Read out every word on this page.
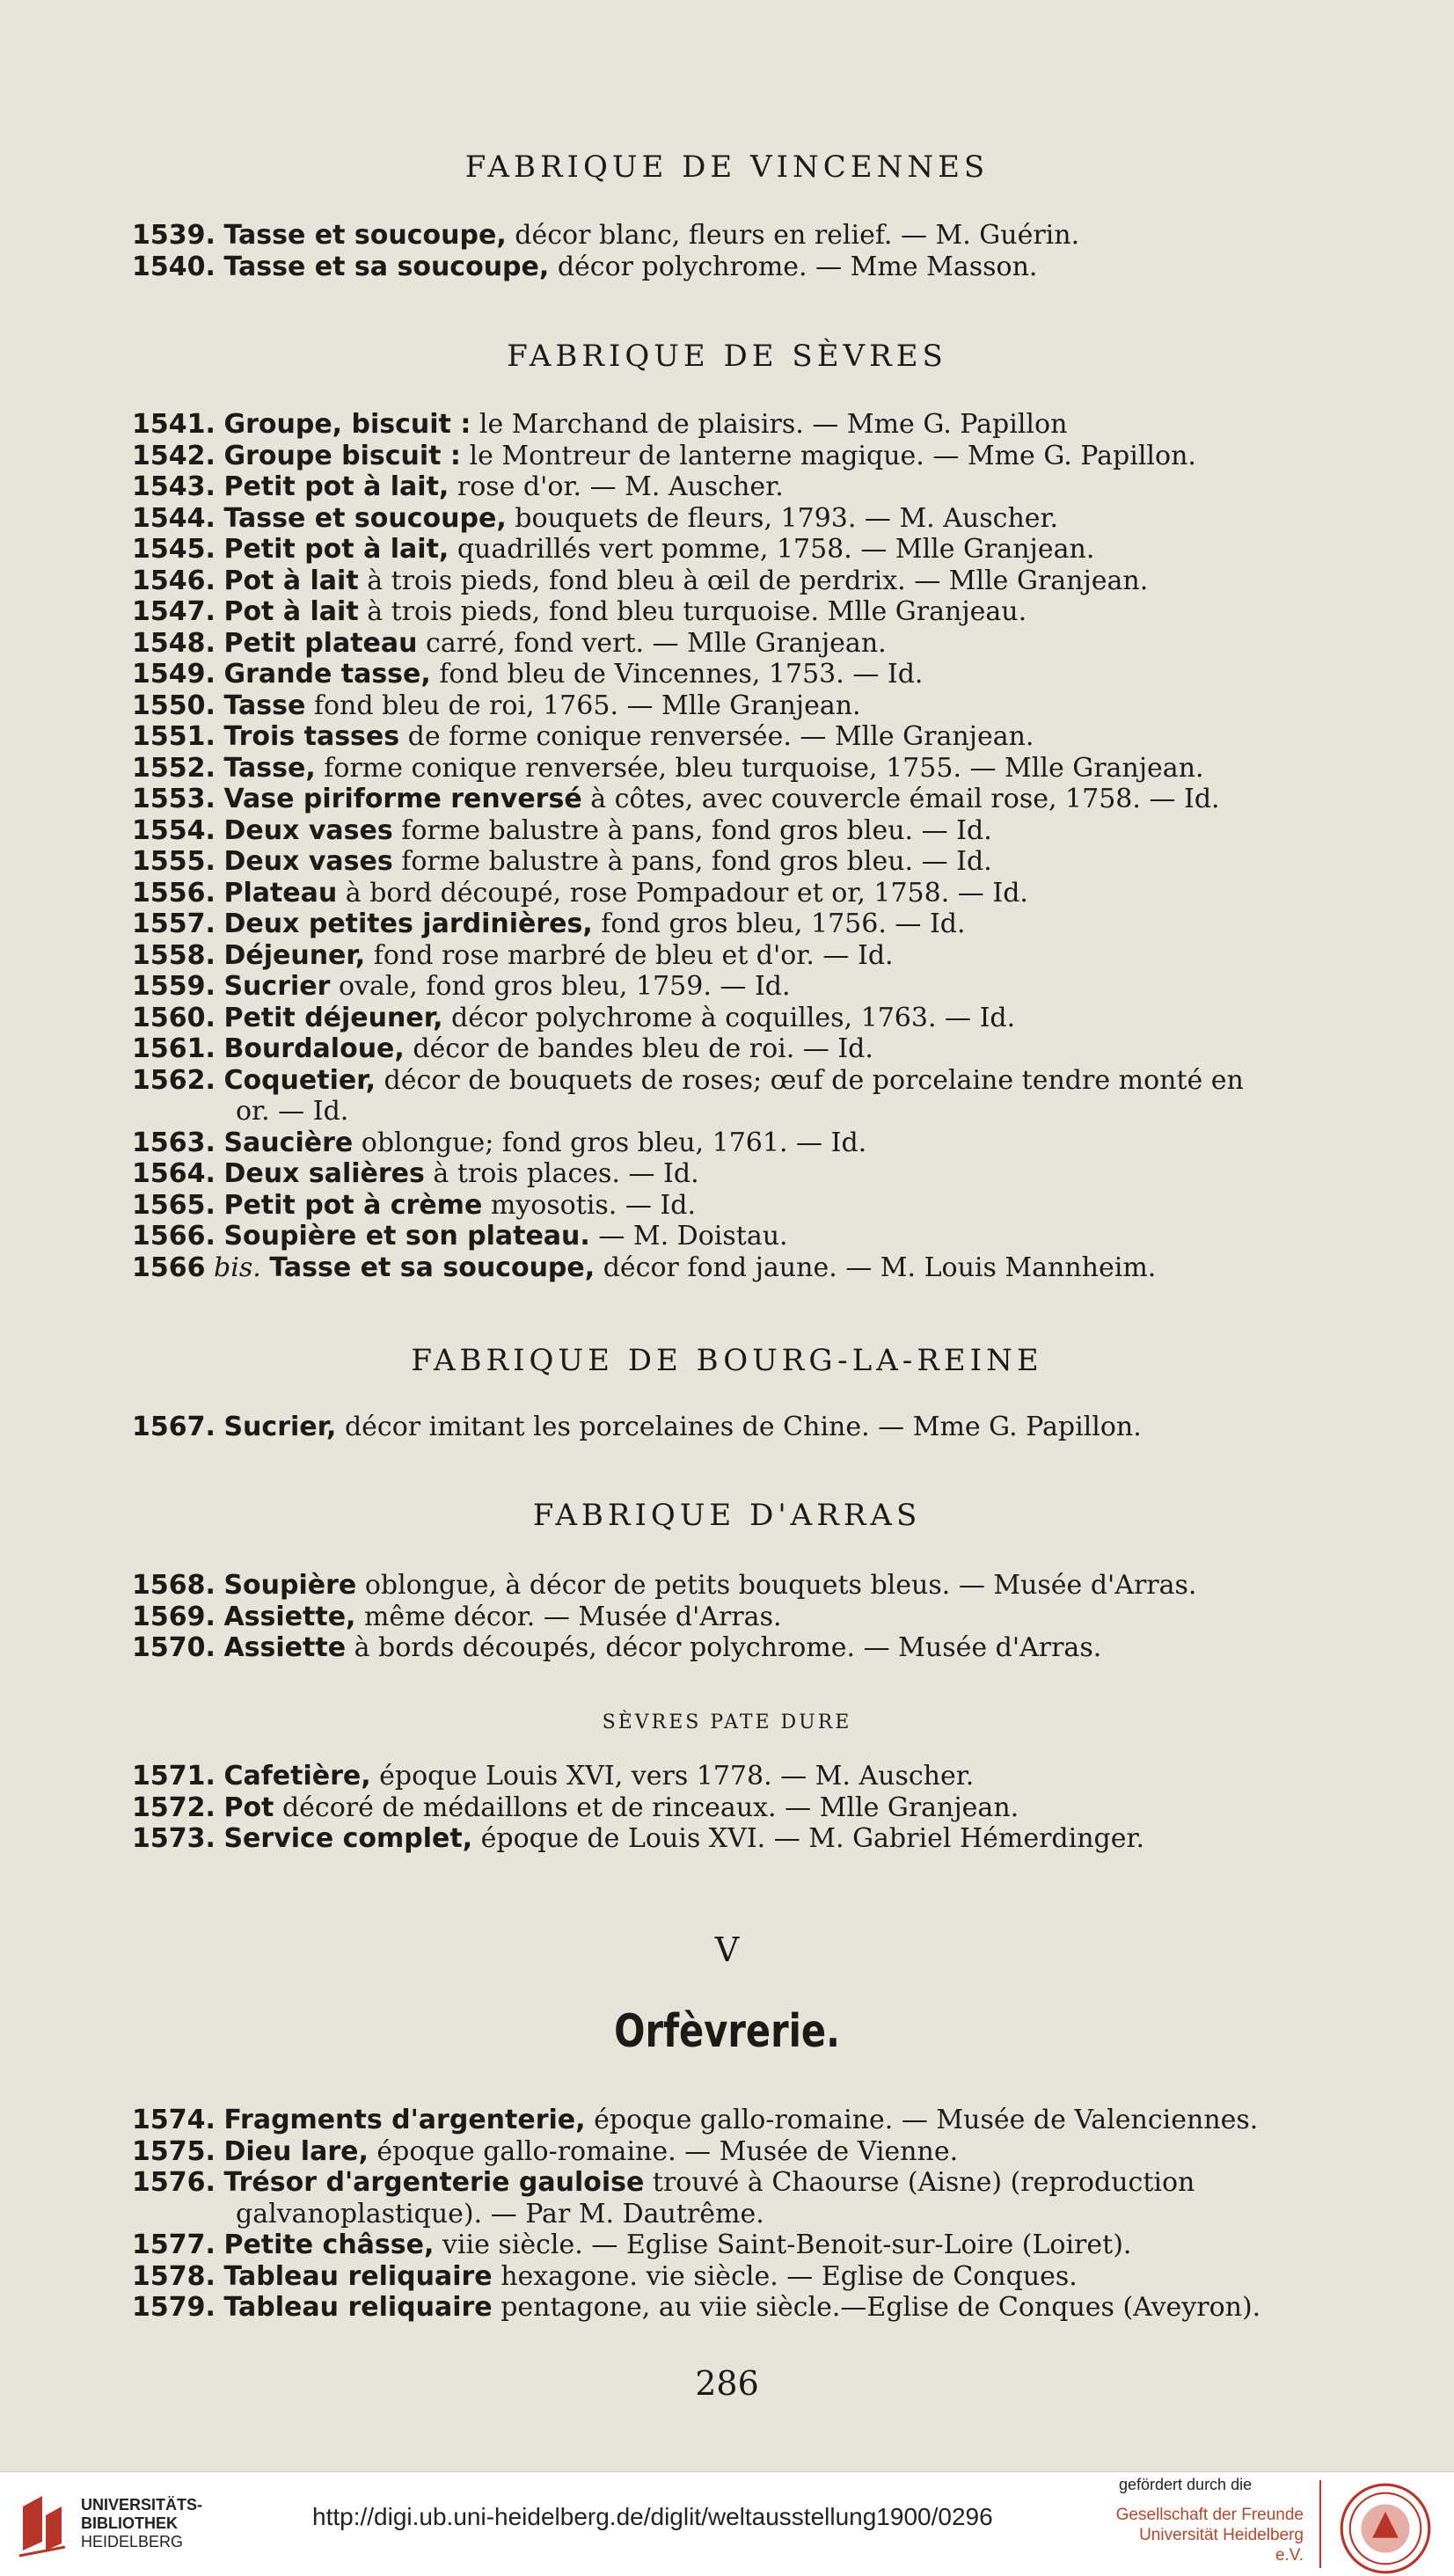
FABRIQUE DE VINCENNES
1539. Tasse et soucoupe, décor blanc, fleurs en relief. — M. Guérin.
1540. Tasse et sa soucoupe, décor polychrome. — Mme Masson.
FABRIQUE DE SÈVRES
1541. Groupe, biscuit : le Marchand de plaisirs. — Mme G. Papillon
1542. Groupe biscuit : le Montreur de lanterne magique. — Mme G. Papillon.
1543. Petit pot à lait, rose d'or. — M. Auscher.
1544. Tasse et soucoupe, bouquets de fleurs, 1793. — M. Auscher.
1545. Petit pot à lait, quadrillés vert pomme, 1758. — Mlle Granjean.
1546. Pot à lait à trois pieds, fond bleu à œil de perdrix. — Mlle Granjean.
1547. Pot à lait à trois pieds, fond bleu turquoise. Mlle Granjeau.
1548. Petit plateau carré, fond vert. — Mlle Granjean.
1549. Grande tasse, fond bleu de Vincennes, 1753. — Id.
1550. Tasse fond bleu de roi, 1765. — Mlle Granjean.
1551. Trois tasses de forme conique renversée. — Mlle Granjean.
1552. Tasse, forme conique renversée, bleu turquoise, 1755. — Mlle Granjean.
1553. Vase piriforme renversé à côtes, avec couvercle émail rose, 1758. — Id.
1554. Deux vases forme balustre à pans, fond gros bleu. — Id.
1555. Deux vases forme balustre à pans, fond gros bleu. — Id.
1556. Plateau à bord découpé, rose Pompadour et or, 1758. — Id.
1557. Deux petites jardinières, fond gros bleu, 1756. — Id.
1558. Déjeuner, fond rose marbré de bleu et d'or. — Id.
1559. Sucrier ovale, fond gros bleu, 1759. — Id.
1560. Petit déjeuner, décor polychrome à coquilles, 1763. — Id.
1561. Bourdaloue, décor de bandes bleu de roi. — Id.
1562. Coquetier, décor de bouquets de roses; œuf de porcelaine tendre monté en
or. — Id.
1563. Saucière oblongue; fond gros bleu, 1761. — Id.
1564. Deux salières à trois places. — Id.
1565. Petit pot à crème myosotis. — Id.
1566. Soupière et son plateau. — M. Doistau.
1566 bis. Tasse et sa soucoupe, décor fond jaune. — M. Louis Mannheim.
FABRIQUE DE BOURG-LA-REINE
1567. Sucrier, décor imitant les porcelaines de Chine. — Mme G. Papillon.
FABRIQUE D'ARRAS
1568. Soupière oblongue, à décor de petits bouquets bleus. — Musée d'Arras.
1569. Assiette, même décor. — Musée d'Arras.
1570. Assiette à bords découpés, décor polychrome. — Musée d'Arras.
SÈVRES PATE DURE
1571. Cafetière, époque Louis XVI, vers 1778. — M. Auscher.
1572. Pot décoré de médaillons et de rinceaux. — Mlle Granjean.
1573. Service complet, époque de Louis XVI. — M. Gabriel Hémerdinger.
V
Orfèvrerie.
1574. Fragments d'argenterie, époque gallo-romaine. — Musée de Valenciennes.
1575. Dieu lare, époque gallo-romaine. — Musée de Vienne.
1576. Trésor d'argenterie gauloise trouvé à Chaourse (Aisne) (reproduction
galvanoplastique). — Par M. Dautrême.
1577. Petite châsse, viie siècle. — Eglise Saint-Benoit-sur-Loire (Loiret).
1578. Tableau reliquaire hexagone. vie siècle. — Eglise de Conques.
1579. Tableau reliquaire pentagone, au viie siècle.—Eglise de Conques (Aveyron).
286
UNIVERSITÄTS-
BIBLIOTHEK
HEIDELBERG
http://digi.ub.uni-heidelberg.de/diglit/weltausstellung1900/0296
gefördert durch die
Gesellschaft der Freunde
Universität Heidelberg e.V.
